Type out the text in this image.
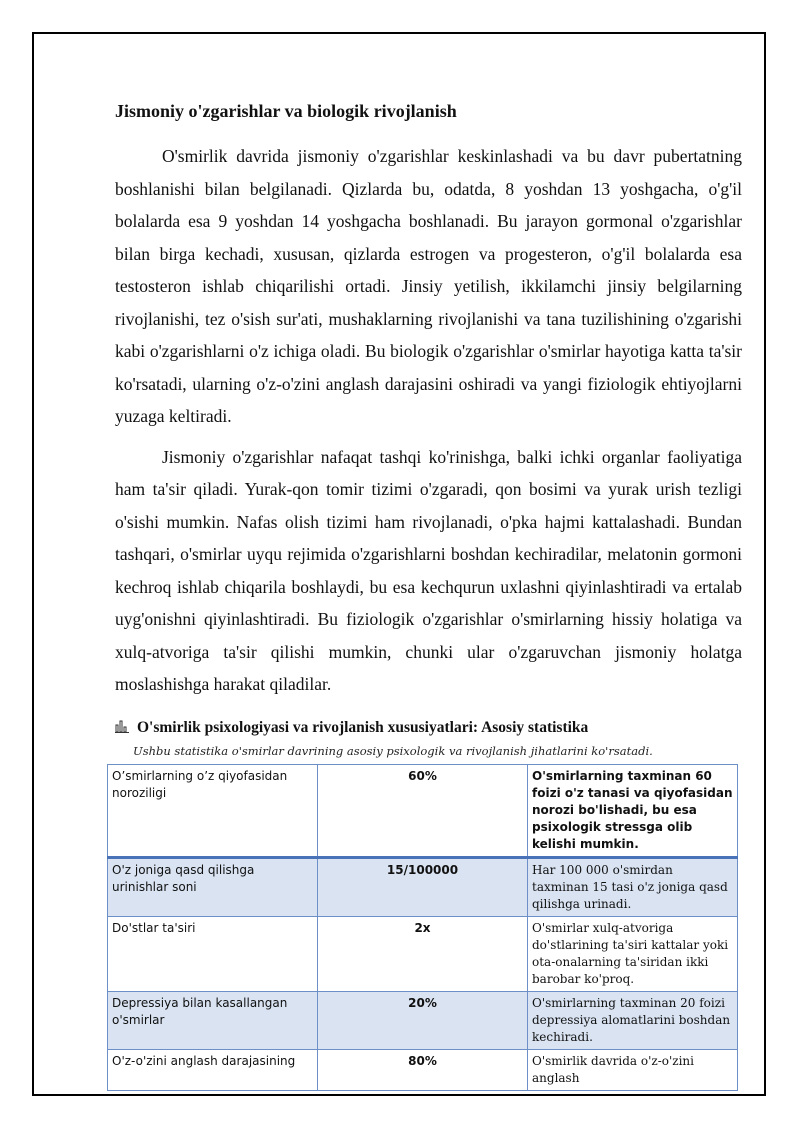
Jismoniy o'zgarishlar va biologik rivojlanish

O'smirlik davrida jismoniy o'zgarishlar keskinlashadi va bu davr pubertatning boshlanishi bilan belgilanadi. Qizlarda bu, odatda, 8 yoshdan 13 yoshgacha, o'g'il bolalarda esa 9 yoshdan 14 yoshgacha boshlanadi. Bu jarayon gormonal o'zgarishlar bilan birga kechadi, xususan, qizlarda estrogen va progesteron, o'g'il bolalarda esa testosteron ishlab chiqarilishi ortadi. Jinsiy yetilish, ikkilamchi jinsiy belgilarning rivojlanishi, tez o'sish sur'ati, mushaklarning rivojlanishi va tana tuzilishining o'zgarishi kabi o'zgarishlarni o'z ichiga oladi. Bu biologik o'zgarishlar o'smirlar hayotiga katta ta'sir ko'rsatadi, ularning o'z-o'zini anglash darajasini oshiradi va yangi fiziologik ehtiyojlarni yuzaga keltiradi.

Jismoniy o'zgarishlar nafaqat tashqi ko'rinishga, balki ichki organlar faoliyatiga ham ta'sir qiladi. Yurak-qon tomir tizimi o'zgaradi, qon bosimi va yurak urish tezligi o'sishi mumkin. Nafas olish tizimi ham rivojlanadi, o'pka hajmi kattalashadi. Bundan tashqari, o'smirlar uyqu rejimida o'zgarishlarni boshdan kechiradilar, melatonin gormoni kechroq ishlab chiqarila boshlaydi, bu esa kechqurun uxlashni qiyinlashtiradi va ertalab uyg'onishni qiyinlashtiradi. Bu fiziologik o'zgarishlar o'smirlarning hissiy holatiga va xulq-atvoriga ta'sir qilishi mumkin, chunki ular o'zgaruvchan jismoniy holatga moslashishga harakat qiladilar.

O'smirlik psixologiyasi va rivojlanish xususiyatlari: Asosiy statistika
Ushbu statistika o'smirlar davrining asosiy psixologik va rivojlanish jihatlarini ko'rsatadi.
O’smirlarning o’z qiyofasidan noroziligi	60%	O'smirlarning taxminan 60 foizi o'z tanasi va qiyofasidan norozi bo'lishadi, bu esa psixologik stressga olib kelishi mumkin.
O'z joniga qasd qilishga urinishlar soni	15/100000	Har 100 000 o'smirdan taxminan 15 tasi o'z joniga qasd qilishga urinadi.
Do'stlar ta'siri	2x	O'smirlar xulq-atvoriga do'stlarining ta'siri kattalar yoki ota-onalarning ta'siridan ikki barobar ko'proq.
Depressiya bilan kasallangan o'smirlar	20%	O'smirlarning taxminan 20 foizi depressiya alomatlarini boshdan kechiradi.
O'z-o'zini anglash darajasining	80%	O'smirlik davrida o'z-o'zini anglash
